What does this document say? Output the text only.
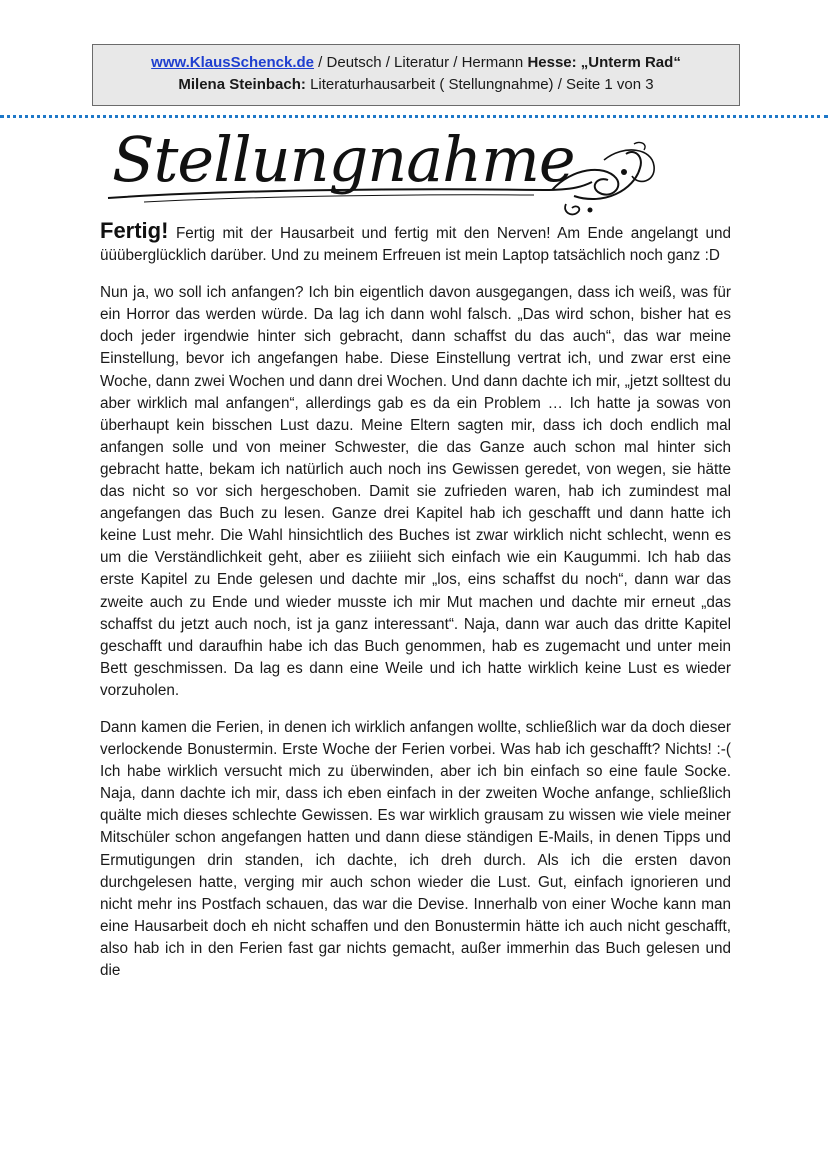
www.KlausSchenck.de / Deutsch / Literatur / Hermann Hesse: „Unterm Rad“
Milena Steinbach: Literaturhausarbeit ( Stellungnahme) / Seite 1 von 3
Stellungnahme

Fertig! Fertig mit der Hausarbeit und fertig mit den Nerven! Am Ende angelangt und üüüberglücklich darüber. Und zu meinem Erfreuen ist mein Laptop tatsächlich noch ganz :D

Nun ja, wo soll ich anfangen? Ich bin eigentlich davon ausgegangen, dass ich weiß, was für ein Horror das werden würde. Da lag ich dann wohl falsch. „Das wird schon, bisher hat es doch jeder irgendwie hinter sich gebracht, dann schaffst du das auch“, das war meine Einstellung, bevor ich angefangen habe. Diese Einstellung vertrat ich, und zwar erst eine Woche, dann zwei Wochen und dann drei Wochen. Und dann dachte ich mir, „jetzt solltest du aber wirklich mal anfangen“, allerdings gab es da ein Problem … Ich hatte ja sowas von überhaupt kein bisschen Lust dazu. Meine Eltern sagten mir, dass ich doch endlich mal anfangen solle und von meiner Schwester, die das Ganze auch schon mal hinter sich gebracht hatte, bekam ich natürlich auch noch ins Gewissen geredet, von wegen, sie hätte das nicht so vor sich hergeschoben. Damit sie zufrieden waren, hab ich zumindest mal angefangen das Buch zu lesen. Ganze drei Kapitel hab ich geschafft und dann hatte ich keine Lust mehr. Die Wahl hinsichtlich des Buches ist zwar wirklich nicht schlecht, wenn es um die Verständlichkeit geht, aber es ziiiieht sich einfach wie ein Kaugummi. Ich hab das erste Kapitel zu Ende gelesen und dachte mir „los, eins schaffst du noch“, dann war das zweite auch zu Ende und wieder musste ich mir Mut machen und dachte mir erneut „das schaffst du jetzt auch noch, ist ja ganz interessant“. Naja, dann war auch das dritte Kapitel geschafft und daraufhin habe ich das Buch genommen, hab es zugemacht und unter mein Bett geschmissen. Da lag es dann eine Weile und ich hatte wirklich keine Lust es wieder vorzuholen.

Dann kamen die Ferien, in denen ich wirklich anfangen wollte, schließlich war da doch dieser verlockende Bonustermin. Erste Woche der Ferien vorbei. Was hab ich geschafft? Nichts! :-( Ich habe wirklich versucht mich zu überwinden, aber ich bin einfach so eine faule Socke. Naja, dann dachte ich mir, dass ich eben einfach in der zweiten Woche anfange, schließlich quälte mich dieses schlechte Gewissen. Es war wirklich grausam zu wissen wie viele meiner Mitschüler schon angefangen hatten und dann diese ständigen E-Mails, in denen Tipps und Ermutigungen drin standen, ich dachte, ich dreh durch. Als ich die ersten davon durchgelesen hatte, verging mir auch schon wieder die Lust. Gut, einfach ignorieren und nicht mehr ins Postfach schauen, das war die Devise. Innerhalb von einer Woche kann man eine Hausarbeit doch eh nicht schaffen und den Bonustermin hätte ich auch nicht geschafft, also hab ich in den Ferien fast gar nichts gemacht, außer immerhin das Buch gelesen und die
